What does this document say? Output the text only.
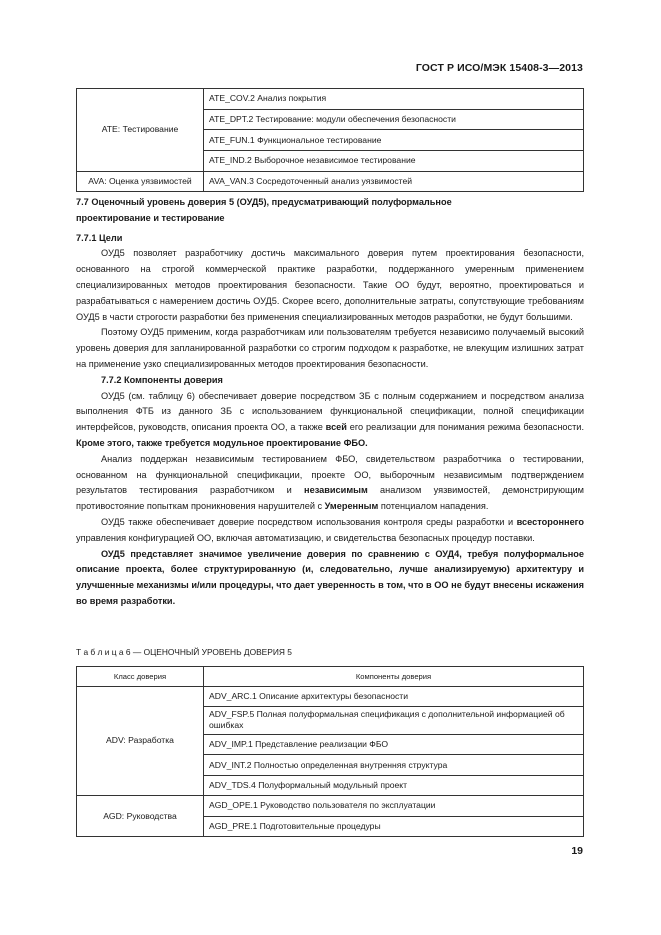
ГОСТ Р ИСО/МЭК 15408-3—2013
ATE: Тестирование	ATE_COV.2 Анализ покрытия
	ATE_DPT.2 Тестирование: модули обеспечения безопасности
	ATE_FUN.1 Функциональное тестирование
	ATE_IND.2 Выборочное независимое тестирование
AVA: Оценка уязвимостей	AVA_VAN.3 Сосредоточенный анализ уязвимостей

7.7 Оценочный уровень доверия 5 (ОУД5), предусматривающий полуформальное
проектирование и тестирование

7.7.1 Цели

ОУД5 позволяет разработчику достичь максимального доверия путем проектирования безопасности, основанного на строгой коммерческой практике разработки, поддержанного умеренным применением специализированных методов проектирования безопасности. Такие ОО будут, вероятно, проектироваться и разрабатываться с намерением достичь ОУД5. Скорее всего, дополнительные затраты, сопутствующие требованиям ОУД5 в части строгости разработки без применения специализированных методов разработки, не будут большими.

Поэтому ОУД5 применим, когда разработчикам или пользователям требуется независимо получаемый высокий уровень доверия для запланированной разработки со строгим подходом к разработке, не влекущим излишних затрат на применение узко специализированных методов проектирования безопасности.

7.7.2 Компоненты доверия

ОУД5 (см. таблицу 6) обеспечивает доверие посредством ЗБ с полным содержанием и посредством анализа выполнения ФТБ из данного ЗБ с использованием функциональной спецификации, полной спецификации интерфейсов, руководств, описания проекта ОО, а также всей его реализации для понимания режима безопасности. Кроме этого, также требуется модульное проектирование ФБО.

Анализ поддержан независимым тестированием ФБО, свидетельством разработчика о тестировании, основанном на функциональной спецификации, проекте ОО, выборочным независимым подтверждением результатов тестирования разработчиком и независимым анализом уязвимостей, демонстрирующим противостояние попыткам проникновения нарушителей с Умеренным потенциалом нападения.

ОУД5 также обеспечивает доверие посредством использования контроля среды разработки и всестороннего управления конфигурацией ОО, включая автоматизацию, и свидетельства безопасных процедур поставки.

ОУД5 представляет значимое увеличение доверия по сравнению с ОУД4, требуя полуформальное описание проекта, более структурированную (и, следовательно, лучше анализируемую) архитектуру и улучшенные механизмы и/или процедуры, что дает уверенность в том, что в ОО не будут внесены искажения во время разработки.

Т а б л и ц а 6 — ОЦЕНОЧНЫЙ УРОВЕНЬ ДОВЕРИЯ 5
Класс доверия	Компоненты доверия
ADV: Разработка	ADV_ARC.1 Описание архитектуры безопасности
	ADV_FSP.5 Полная полуформальная спецификация с дополнительной информацией об ошибках
	ADV_IMP.1 Представление реализации ФБО
	ADV_INT.2 Полностью определенная внутренняя структура
	ADV_TDS.4 Полуформальный модульный проект
AGD: Руководства	AGD_OPE.1 Руководство пользователя по эксплуатации
	AGD_PRE.1 Подготовительные процедуры
19
